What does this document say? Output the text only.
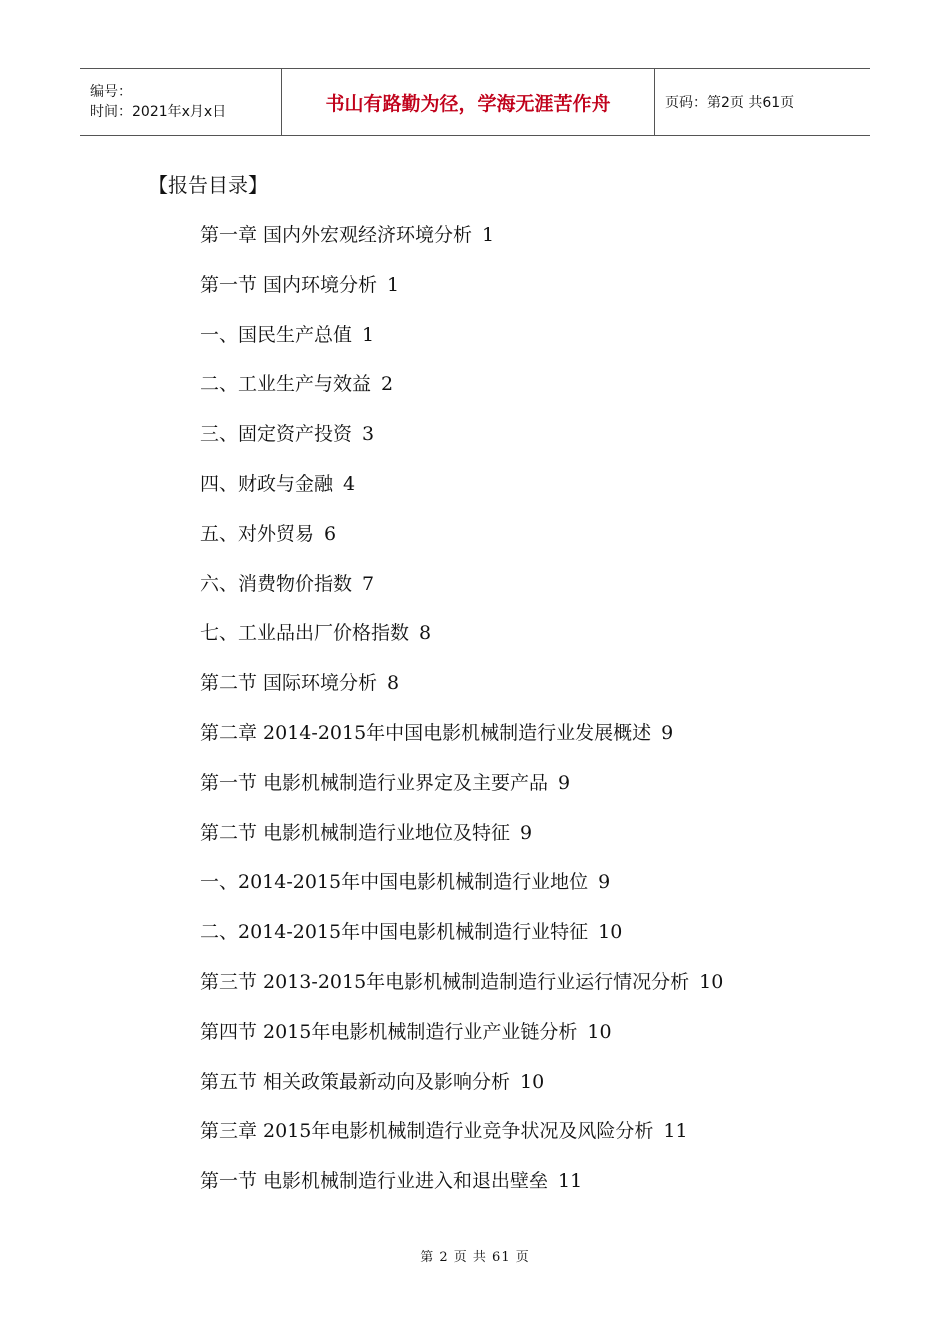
编号：
时间：2021年x月x日	书山有路勤为径，学海无涯苦作舟	页码：第2页 共61页
【报告目录】
第一章 国内外宏观经济环境分析 1
第一节 国内环境分析 1
一、国民生产总值 1
二、工业生产与效益 2
三、固定资产投资 3
四、财政与金融 4
五、对外贸易 6
六、消费物价指数 7
七、工业品出厂价格指数 8
第二节 国际环境分析 8
第二章 2014-2015年中国电影机械制造行业发展概述 9
第一节 电影机械制造行业界定及主要产品 9
第二节 电影机械制造行业地位及特征 9
一、2014-2015年中国电影机械制造行业地位 9
二、2014-2015年中国电影机械制造行业特征 10
第三节 2013-2015年电影机械制造制造行业运行情况分析 10
第四节 2015年电影机械制造行业产业链分析 10
第五节 相关政策最新动向及影响分析 10
第三章 2015年电影机械制造行业竞争状况及风险分析 11
第一节 电影机械制造行业进入和退出壁垒 11
第 2 页 共 61 页
